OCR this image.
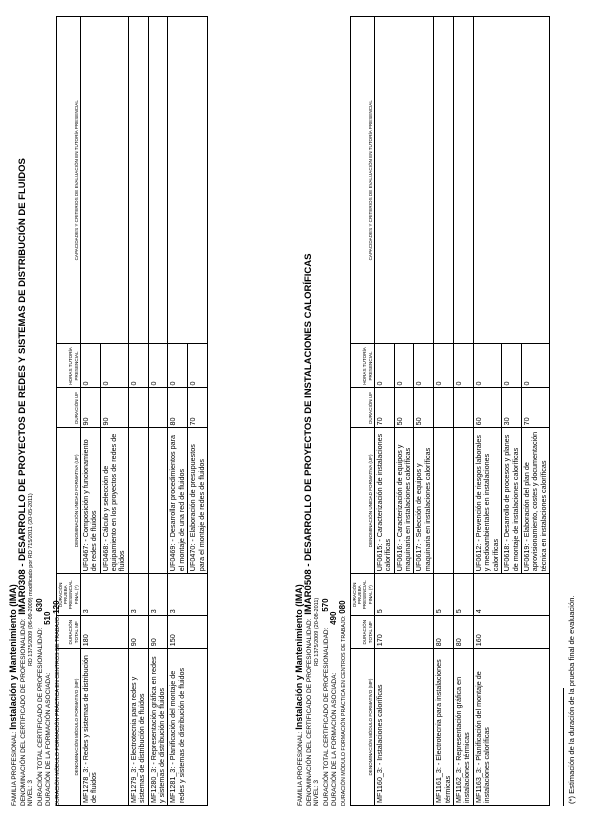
FAMILIA PROFESIONAL: Instalación y Mantenimiento (IMA) DENOMINACIÓN DEL CERTIFICADO DE PROFESIONALIDAD: IMAR0308 - DESARROLLO DE PROYECTOS DE REDES Y SISTEMAS DE DISTRIBUCIÓN DE FLUIDOS
NIVEL: 3 RD 1375/2009 (06-09-2009) modificado por RD 715/2011 (20-05-2011)
DURACIÓN TOTAL CERTIFICADO DE PROFESIONALIDAD: 630
DURACIÓN DE LA FORMACIÓN ASOCIADA: 510 DURACIÓN MÓDULO FORMACIÓN PRÁCTICA EN CENTROS DE TRABAJO: 120
DENOMINACIÓN MÓDULO FORMATIVO (MF)	DURACIÓN TOTAL MF	DURACIÓN PRUEBA PRESENCIAL FINAL (*)	DENOMINACIÓN UNIDAD FORMATIVA (UF)	DURACIÓN UF	HORAS TUTORÍA PRESENCIAL	CAPACIDADES Y CRITERIOS DE EVALUACIÓN EN TUTORÍA PRESENCIAL
MF1278_3: - Redes y sistemas de distribución de fluidos	180	3	UF0467: - Composición y funcionamiento de redes de fluidos	90	0	
			UF0468: - Cálculo y selección de equipamiento en los proyectos de redes de fluidos	90	0	
MF1279_3: - Electrotecnia para redes y sistemas de distribución de fluidos	90	3			0	
MF1280_3: - Representación gráfica en redes y sistemas de distribución de fluidos	90	3			0	
MF1281_3: - Planificación del montaje de redes y sistemas de distribución de fluidos	150	3	UF0469: - Desarrollar procedimientos para el montaje de una red de fluidos	80	0	
			UF0470: - Elaboración de presupuestos para el montaje de redes de fluidos	70	0	
FAMILIA PROFESIONAL: Instalación y Mantenimiento (IMA) DENOMINACIÓN DEL CERTIFICADO DE PROFESIONALIDAD: IMAR0508 - DESARROLLO DE PROYECTOS DE INSTALACIONES CALORÍFICAS
NIVEL: 3 RD 1375/2009 (20-08-2011) DURACIÓN TOTAL CERTIFICADO DE PROFESIONALIDAD: 570
DURACIÓN DE LA FORMACIÓN ASOCIADA: 490 DURACIÓN MÓDULO FORMACIÓN PRÁCTICA EN CENTROS DE TRABAJO: 080
DENOMINACIÓN MÓDULO FORMATIVO (MF)	DURACIÓN TOTAL MF	DURACIÓN PRUEBA PRESENCIAL FINAL (*)	DENOMINACIÓN UNIDAD FORMATIVA (UF)	DURACIÓN UF	HORAS TUTORÍA PRESENCIAL	CAPACIDADES Y CRITERIOS DE EVALUACIÓN EN TUTORÍA PRESENCIAL
MF1160_3: - Instalaciones caloríficas	170	5	UF0615: - Caracterización de instalaciones caloríficas	70	0	
			UF0616: - Caracterización de equipos y maquinaria en instalaciones caloríficas	50	0	
			UF0617: - Selección de equipos y maquinaria en instalaciones caloríficas	50	0	
MF1161_3: - Electrotecnia para instalaciones térmicas	80	5			0	
MF1162_3: - Representación gráfica en instalaciones térmicas	80	5			0	
MF1163_3: - Planificación del montaje de instalaciones caloríficas	160	4	UF0612: - Prevención de riesgos laborales y medioambientales en instalaciones caloríficas	60	0	
			UF0618: - Desarrollo de procesos y planes de montaje de instalaciones caloríficas	30	0	
			UF0619: - Elaboración del plan de aprovisionamiento, costes y documentación técnica en instalaciones caloríficas	70	0	
(*) Estimación de la duración de la prueba final de evaluación.
